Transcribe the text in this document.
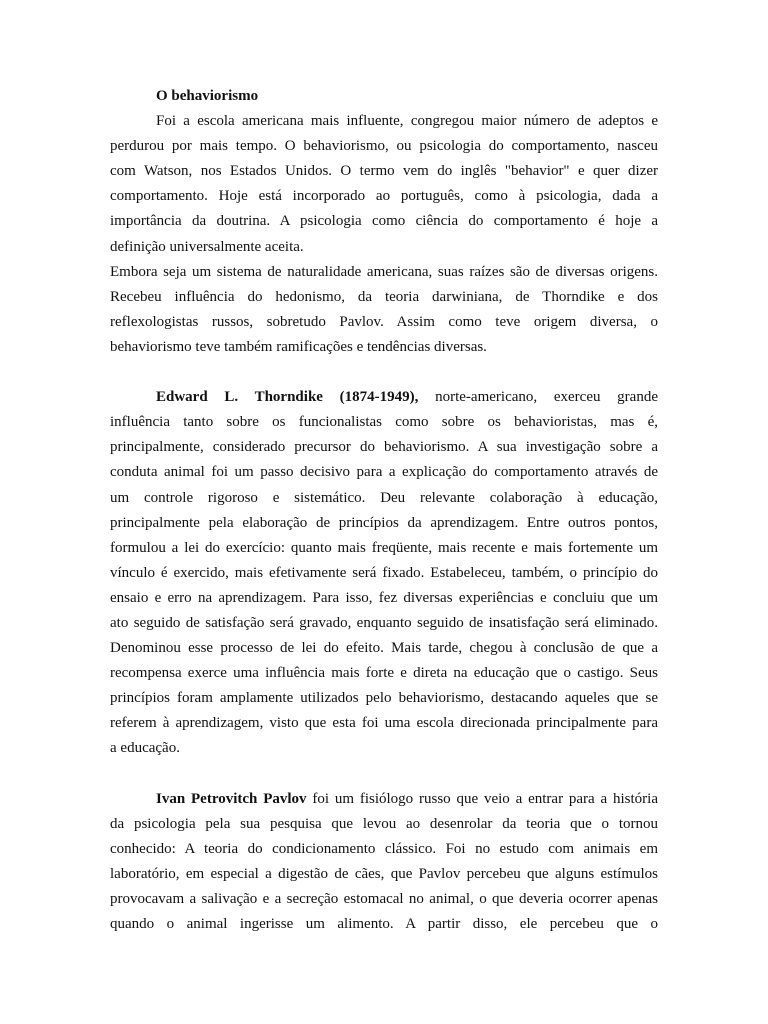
O behaviorismo
Foi a escola americana mais influente, congregou maior número de adeptos e
perdurou por mais tempo. O behaviorismo, ou psicologia do comportamento, nasceu
com Watson, nos Estados Unidos. O termo vem do inglês "behavior" e quer dizer
comportamento. Hoje está incorporado ao português, como à psicologia, dada a
importância da doutrina. A psicologia como ciência do comportamento é hoje a
definição universalmente aceita.
Embora seja um sistema de naturalidade americana, suas raízes são de diversas origens.
Recebeu influência do hedonismo, da teoria darwiniana, de Thorndike e dos
reflexologistas russos, sobretudo Pavlov. Assim como teve origem diversa, o
behaviorismo teve também ramificações e tendências diversas.
Edward L. Thorndike (1874-1949), norte-americano, exerceu grande
influência tanto sobre os funcionalistas como sobre os behavioristas, mas é,
principalmente, considerado precursor do behaviorismo. A sua investigação sobre a
conduta animal foi um passo decisivo para a explicação do comportamento através de
um controle rigoroso e sistemático. Deu relevante colaboração à educação,
principalmente pela elaboração de princípios da aprendizagem. Entre outros pontos,
formulou a lei do exercício: quanto mais freqüente, mais recente e mais fortemente um
vínculo é exercido, mais efetivamente será fixado. Estabeleceu, também, o princípio do
ensaio e erro na aprendizagem. Para isso, fez diversas experiências e concluiu que um
ato seguido de satisfação será gravado, enquanto seguido de insatisfação será eliminado.
Denominou esse processo de lei do efeito. Mais tarde, chegou à conclusão de que a
recompensa exerce uma influência mais forte e direta na educação que o castigo. Seus
princípios foram amplamente utilizados pelo behaviorismo, destacando aqueles que se
referem à aprendizagem, visto que esta foi uma escola direcionada principalmente para
a educação.
Ivan Petrovitch Pavlov foi um fisiólogo russo que veio a entrar para a história
da psicologia pela sua pesquisa que levou ao desenrolar da teoria que o tornou
conhecido: A teoria do condicionamento clássico. Foi no estudo com animais em
laboratório, em especial a digestão de cães, que Pavlov percebeu que alguns estímulos
provocavam a salivação e a secreção estomacal no animal, o que deveria ocorrer apenas
quando o animal ingerisse um alimento. A partir disso, ele percebeu que o
